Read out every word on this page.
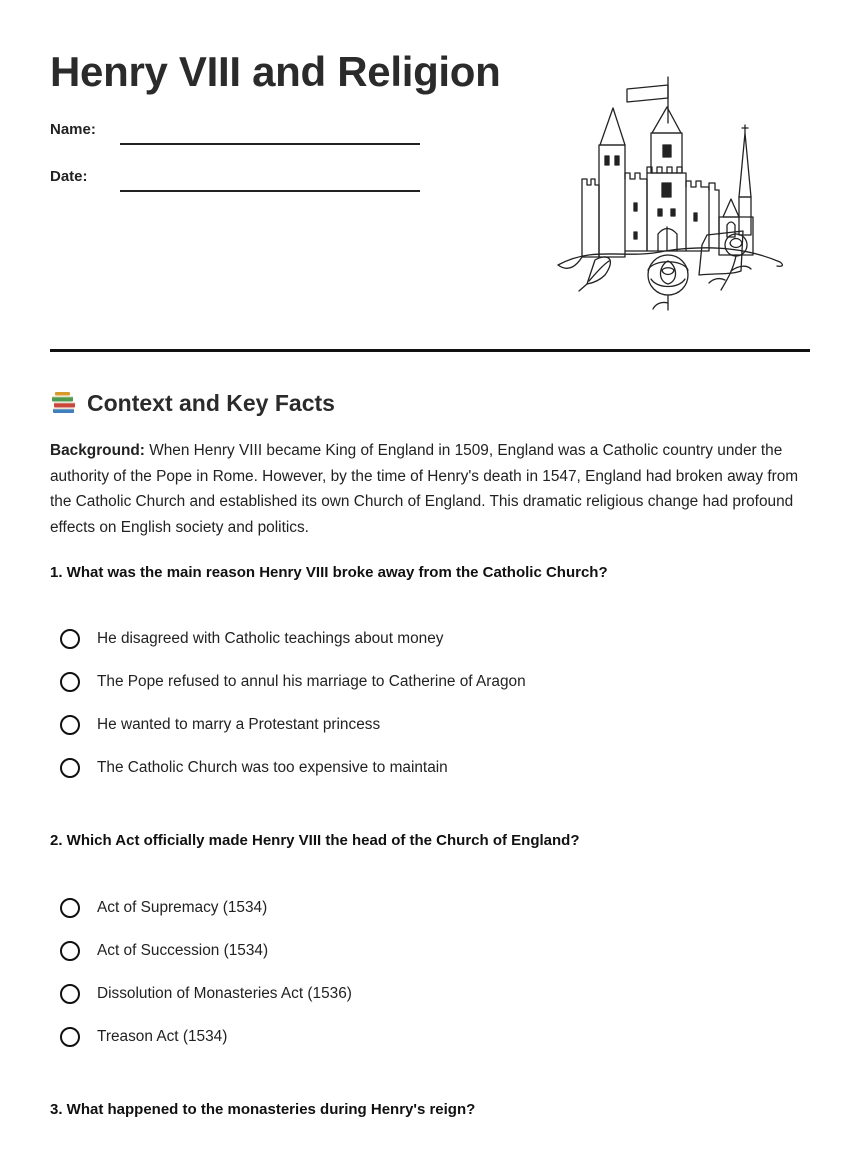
Henry VIII and Religion
Name:
Date:
Context and Key Facts
Background: When Henry VIII became King of England in 1509, England was a Catholic country under the authority of the Pope in Rome. However, by the time of Henry's death in 1547, England had broken away from the Catholic Church and established its own Church of England. This dramatic religious change had profound effects on English society and politics.
1. What was the main reason Henry VIII broke away from the Catholic Church?
He disagreed with Catholic teachings about money
The Pope refused to annul his marriage to Catherine of Aragon
He wanted to marry a Protestant princess
The Catholic Church was too expensive to maintain
2. Which Act officially made Henry VIII the head of the Church of England?
Act of Supremacy (1534)
Act of Succession (1534)
Dissolution of Monasteries Act (1536)
Treason Act (1534)
3. What happened to the monasteries during Henry's reign?
